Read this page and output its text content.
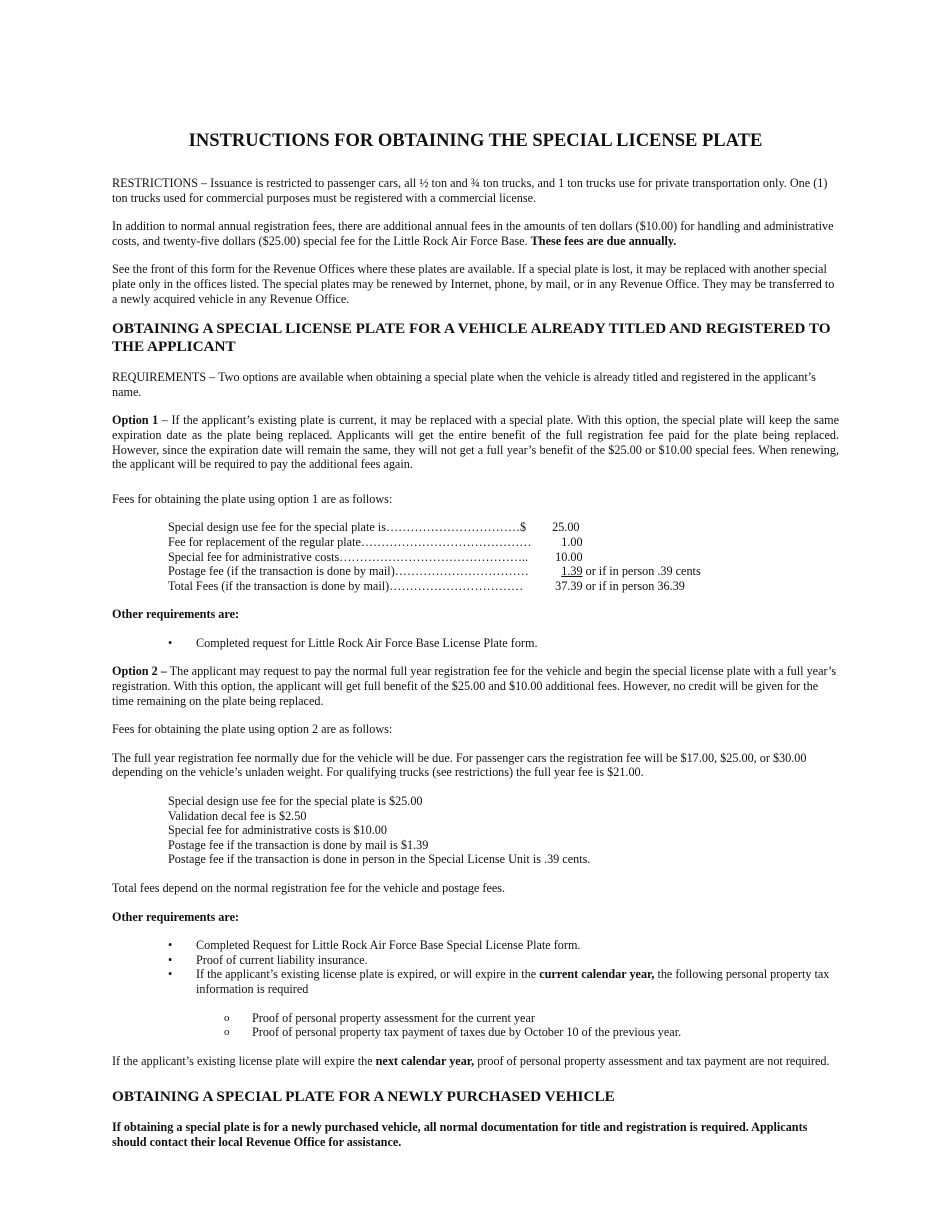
INSTRUCTIONS FOR OBTAINING THE SPECIAL LICENSE PLATE

RESTRICTIONS – Issuance is restricted to passenger cars, all ½ ton and ¾ ton trucks, and 1 ton trucks use for private transportation only. One (1) ton trucks used for commercial purposes must be registered with a commercial license.

In addition to normal annual registration fees, there are additional annual fees in the amounts of ten dollars ($10.00) for handling and administrative costs, and twenty-five dollars ($25.00) special fee for the Little Rock Air Force Base. These fees are due annually.

See the front of this form for the Revenue Offices where these plates are available. If a special plate is lost, it may be replaced with another special plate only in the offices listed. The special plates may be renewed by Internet, phone, by mail, or in any Revenue Office. They may be transferred to a newly acquired vehicle in any Revenue Office.

OBTAINING A SPECIAL LICENSE PLATE FOR A VEHICLE ALREADY TITLED AND REGISTERED TO THE APPLICANT

REQUIREMENTS – Two options are available when obtaining a special plate when the vehicle is already titled and registered in the applicant’s name.

Option 1 – If the applicant’s existing plate is current, it may be replaced with a special plate. With this option, the special plate will keep the same expiration date as the plate being replaced. Applicants will get the entire benefit of the full registration fee paid for the plate being replaced. However, since the expiration date will remain the same, they will not get a full year’s benefit of the $25.00 or $10.00 special fees. When renewing, the applicant will be required to pay the additional fees again.

Fees for obtaining the plate using option 1 are as follows:

Special design use fee for the special plate is……………………………$	25.00
Fee for replacement of the regular plate……………………………………	1.00
Special fee for administrative costs………………………………………..	10.00
Postage fee (if the transaction is done by mail)……………………………	1.39 or if in person .39 cents
Total Fees (if the transaction is done by mail)……………………………	37.39 or if in person 36.39

Other requirements are:

• Completed request for Little Rock Air Force Base License Plate form.

Option 2 – The applicant may request to pay the normal full year registration fee for the vehicle and begin the special license plate with a full year’s registration. With this option, the applicant will get full benefit of the $25.00 and $10.00 additional fees. However, no credit will be given for the time remaining on the plate being replaced.

Fees for obtaining the plate using option 2 are as follows:

The full year registration fee normally due for the vehicle will be due. For passenger cars the registration fee will be $17.00, $25.00, or $30.00 depending on the vehicle’s unladen weight. For qualifying trucks (see restrictions) the full year fee is $21.00.

Special design use fee for the special plate is $25.00
Validation decal fee is $2.50
Special fee for administrative costs is $10.00
Postage fee if the transaction is done by mail is $1.39
Postage fee if the transaction is done in person in the Special License Unit is .39 cents.

Total fees depend on the normal registration fee for the vehicle and postage fees.

Other requirements are:

• Completed Request for Little Rock Air Force Base Special License Plate form.
• Proof of current liability insurance.
• If the applicant’s existing license plate is expired, or will expire in the current calendar year, the following personal property tax information is required
o Proof of personal property assessment for the current year
o Proof of personal property tax payment of taxes due by October 10 of the previous year.

If the applicant’s existing license plate will expire the next calendar year, proof of personal property assessment and tax payment are not required.

OBTAINING A SPECIAL PLATE FOR A NEWLY PURCHASED VEHICLE

If obtaining a special plate is for a newly purchased vehicle, all normal documentation for title and registration is required. Applicants should contact their local Revenue Office for assistance.
